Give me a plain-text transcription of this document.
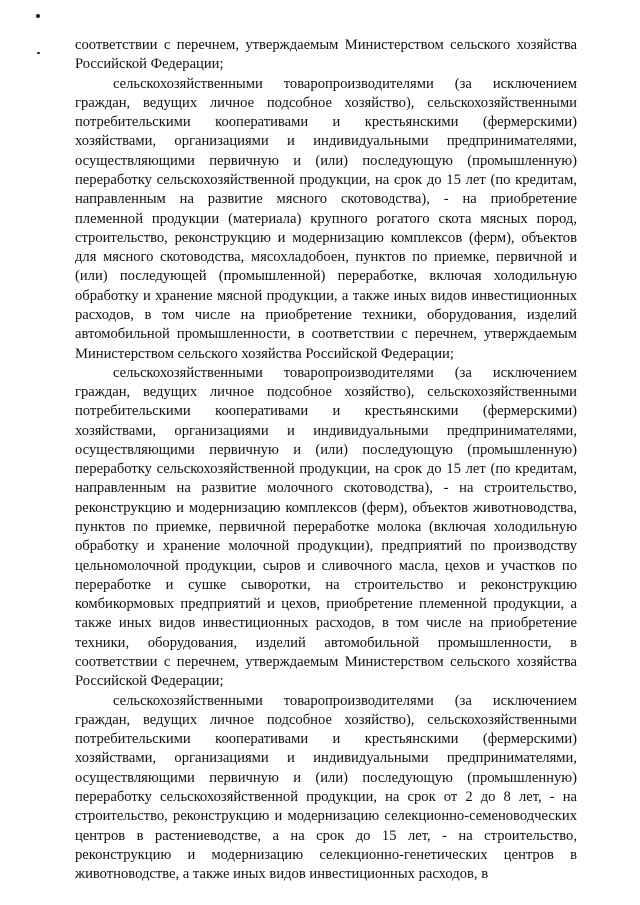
соответствии с перечнем, утверждаемым Министерством сельского хозяйства Российской Федерации;

сельскохозяйственными товаропроизводителями (за исключением граждан, ведущих личное подсобное хозяйство), сельскохозяйственными потребительскими кооперативами и крестьянскими (фермерскими) хозяйствами, организациями и индивидуальными предпринимателями, осуществляющими первичную и (или) последующую (промышленную) переработку сельскохозяйственной продукции, на срок до 15 лет (по кредитам, направленным на развитие мясного скотоводства), - на приобретение племенной продукции (материала) крупного рогатого скота мясных пород, строительство, реконструкцию и модернизацию комплексов (ферм), объектов для мясного скотоводства, мясохладобоен, пунктов по приемке, первичной и (или) последующей (промышленной) переработке, включая холодильную обработку и хранение мясной продукции, а также иных видов инвестиционных расходов, в том числе на приобретение техники, оборудования, изделий автомобильной промышленности, в соответствии с перечнем, утверждаемым Министерством сельского хозяйства Российской Федерации;

сельскохозяйственными товаропроизводителями (за исключением граждан, ведущих личное подсобное хозяйство), сельскохозяйственными потребительскими кооперативами и крестьянскими (фермерскими) хозяйствами, организациями и индивидуальными предпринимателями, осуществляющими первичную и (или) последующую (промышленную) переработку сельскохозяйственной продукции, на срок до 15 лет (по кредитам, направленным на развитие молочного скотоводства), - на строительство, реконструкцию и модернизацию комплексов (ферм), объектов животноводства, пунктов по приемке, первичной переработке молока (включая холодильную обработку и хранение молочной продукции), предприятий по производству цельномолочной продукции, сыров и сливочного масла, цехов и участков по переработке и сушке сыворотки, на строительство и реконструкцию комбикормовых предприятий и цехов, приобретение племенной продукции, а также иных видов инвестиционных расходов, в том числе на приобретение техники, оборудования, изделий автомобильной промышленности, в соответствии с перечнем, утверждаемым Министерством сельского хозяйства Российской Федерации;

сельскохозяйственными товаропроизводителями (за исключением граждан, ведущих личное подсобное хозяйство), сельскохозяйственными потребительскими кооперативами и крестьянскими (фермерскими) хозяйствами, организациями и индивидуальными предпринимателями, осуществляющими первичную и (или) последующую (промышленную) переработку сельскохозяйственной продукции, на срок от 2 до 8 лет, - на строительство, реконструкцию и модернизацию селекционно-семеноводческих центров в растениеводстве, а на срок до 15 лет, - на строительство, реконструкцию и модернизацию селекционно-генетических центров в животноводстве, а также иных видов инвестиционных расходов, в
